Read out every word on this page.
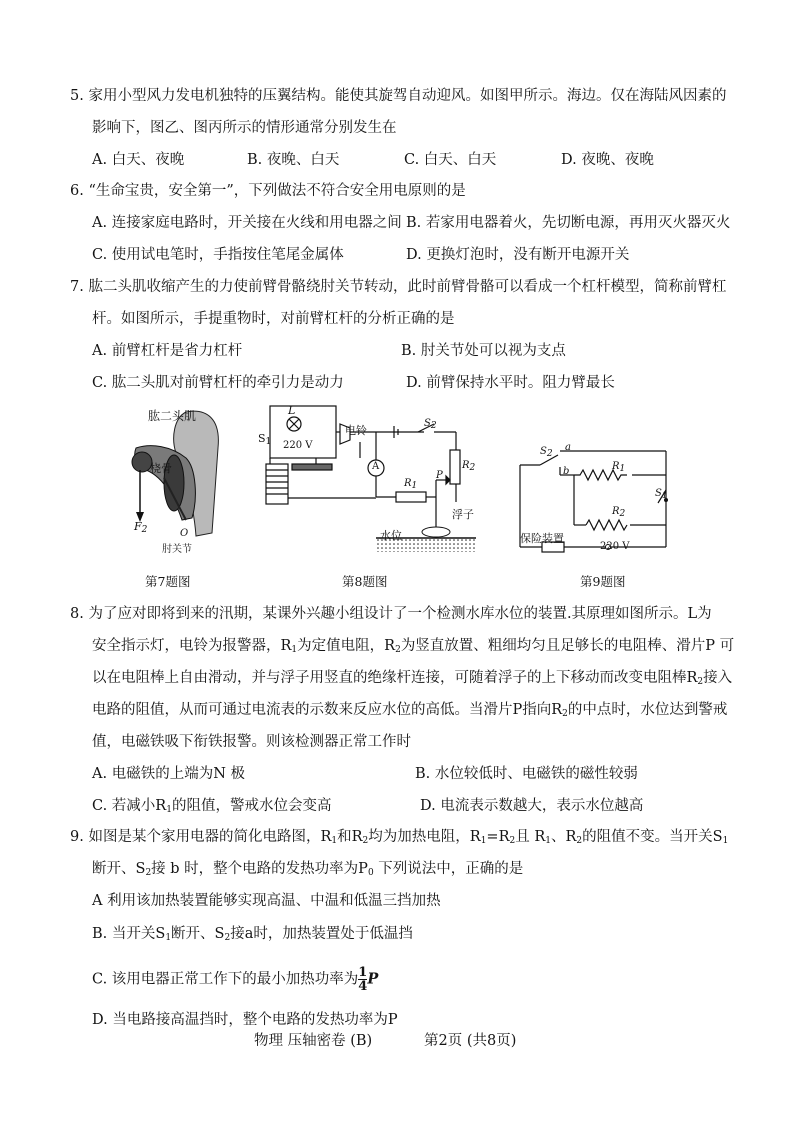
5. 家用小型风力发电机独特的压翼结构。能使其旋驾自动迎风。如图甲所示。海边。仅在海陆风因素的
影响下，图乙、图丙所示的情形通常分别发生在
A. 白天、夜晚	B. 夜晚、白天	C. 白天、白天	D. 夜晚、夜晚
6. “生命宝贵，安全第一”，下列做法不符合安全用电原则的是
A. 连接家庭电路时，开关接在火线和用电器之间 B. 若家用电器着火，先切断电源，再用灭火器灭火
C. 使用试电笔时，手指按住笔尾金属体	D. 更换灯泡时，没有断开电源开关
7. 肱二头肌收缩产生的力使前臂骨骼绕肘关节转动，此时前臂骨骼可以看成一个杠杆模型，简称前臂杠
杆。如图所示，手提重物时，对前臂杠杆的分析正确的是
A. 前臂杠杆是省力杠杆	B. 肘关节处可以视为支点
C. 肱二头肌对前臂杠杆的牵引力是动力	D. 前臂保持水平时。阻力臂最长
肱二头肌
桡骨
$F_2$	O
肘关节
第7题图
L
$S_1$ 220 V
电铃
$S_2$
A	$R_2$
P
$R_1$
浮子
水位
第8题图
$S_2$
a
b	$R_1$
$S_1$
$R_2$
保险装置
220 V
第9题图
8. 为了应对即将到来的汛期，某课外兴趣小组设计了一个检测水库水位的装置.其原理如图所示。L为
安全指示灯，电铃为报警器，$R_1$为定值电阻，$R_2$为竖直放置、粗细均匀且足够长的电阻棒、滑片P 可
以在电阻棒上自由滑动，并与浮子用竖直的绝缘杆连接，可随着浮子的上下移动而改变电阻棒$R_2$接入
电路的阻值，从而可通过电流表的示数来反应水位的高低。当滑片P指向$R_2$的中点时，水位达到警戒
值，电磁铁吸下衔铁报警。则该检测器正常工作时
A. 电磁铁的上端为N 极	B. 水位较低时、电磁铁的磁性较弱
C. 若减小$R_1$的阻值，警戒水位会变高	D. 电流表示数越大，表示水位越高
9. 如图是某个家用电器的简化电路图，$R_1$和$R_2$均为加热电阻，$R_1=R_2$且 $R_1$、$R_2$的阻值不变。当开关$S_1$
断开、$S_2$接 b 时，整个电路的发热功率为$P_0$ 下列说法中，正确的是
A 利用该加热装置能够实现高温、中温和低温三挡加热
B. 当开关$S_1$断开、$S_2$接a时，加热装置处于低温挡
C. 该用电器正常工作下的最小加热功率为 $\frac{1}{4}$ P
D. 当电路接高温挡时，整个电路的发热功率为P
物理 压轴密卷 (B)	第2页 (共8页)
